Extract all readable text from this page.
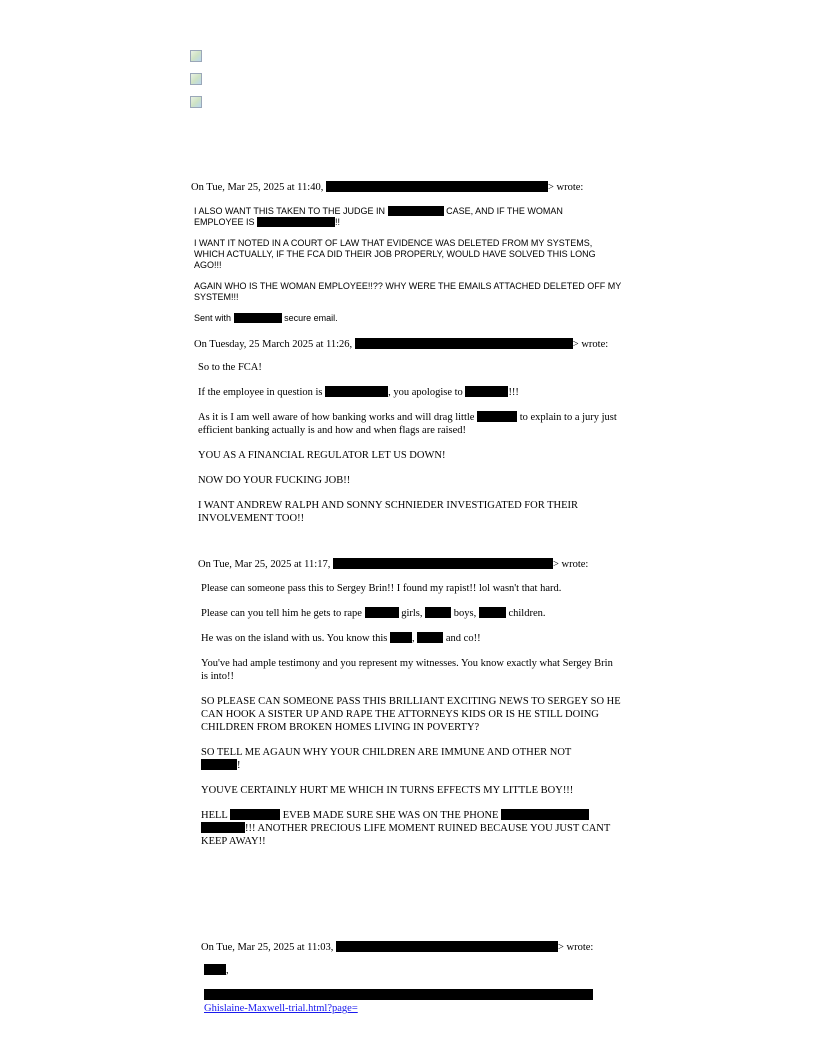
On Tue, Mar 25, 2025 at 11:40,	> wrote:

I ALSO WANT THIS TAKEN TO THE JUDGE IN	CASE, AND IF THE WOMAN
EMPLOYEE IS	!!

I WANT IT NOTED IN A COURT OF LAW THAT EVIDENCE WAS DELETED FROM MY SYSTEMS, WHICH ACTUALLY, IF THE FCA DID THEIR JOB PROPERLY, WOULD HAVE SOLVED THIS LONG AGO!!!

AGAIN WHO IS THE WOMAN EMPLOYEE!!?? WHY WERE THE EMAILS ATTACHED DELETED OFF MY SYSTEM!!!

Sent with	secure email.

On Tuesday, 25 March 2025 at 11:26,	> wrote:

So to the FCA!

If the employee in question is	, you apologise to	!!!

As it is I am well aware of how banking works and will drag little	to explain to a jury just efficient banking actually is and how and when flags are raised!

YOU AS A FINANCIAL REGULATOR LET US DOWN!

NOW DO YOUR FUCKING JOB!!

I WANT ANDREW RALPH AND SONNY SCHNIEDER INVESTIGATED FOR THEIR INVOLVEMENT TOO!!

On Tue, Mar 25, 2025 at 11:17,	> wrote:

Please can someone pass this to Sergey Brin!! I found my rapist!! lol wasn't that hard.

Please can you tell him he gets to rape	girls,	boys,	children.

He was on the island with us. You know this ,	and co!!

You've had ample testimony and you represent my witnesses. You know exactly what Sergey Brin is into!!

SO PLEASE CAN SOMEONE PASS THIS BRILLIANT EXCITING NEWS TO SERGEY SO HE CAN HOOK A SISTER UP AND RAPE THE ATTORNEYS KIDS OR IS HE STILL DOING CHILDREN FROM BROKEN HOMES LIVING IN POVERTY?

SO TELL ME AGAUN WHY YOUR CHILDREN ARE IMMUNE AND OTHER NOT
!

YOUVE CERTAINLY HURT ME WHICH IN TURNS EFFECTS MY LITTLE BOY!!!

HELL	EVEB MADE SURE SHE WAS ON THE PHONE
!!! ANOTHER PRECIOUS LIFE MOMENT RUINED BECAUSE YOU JUST CANT KEEP AWAY!!

On Tue, Mar 25, 2025 at 11:03,	> wrote:

,

Ghislaine-Maxwell-trial.html?page=
